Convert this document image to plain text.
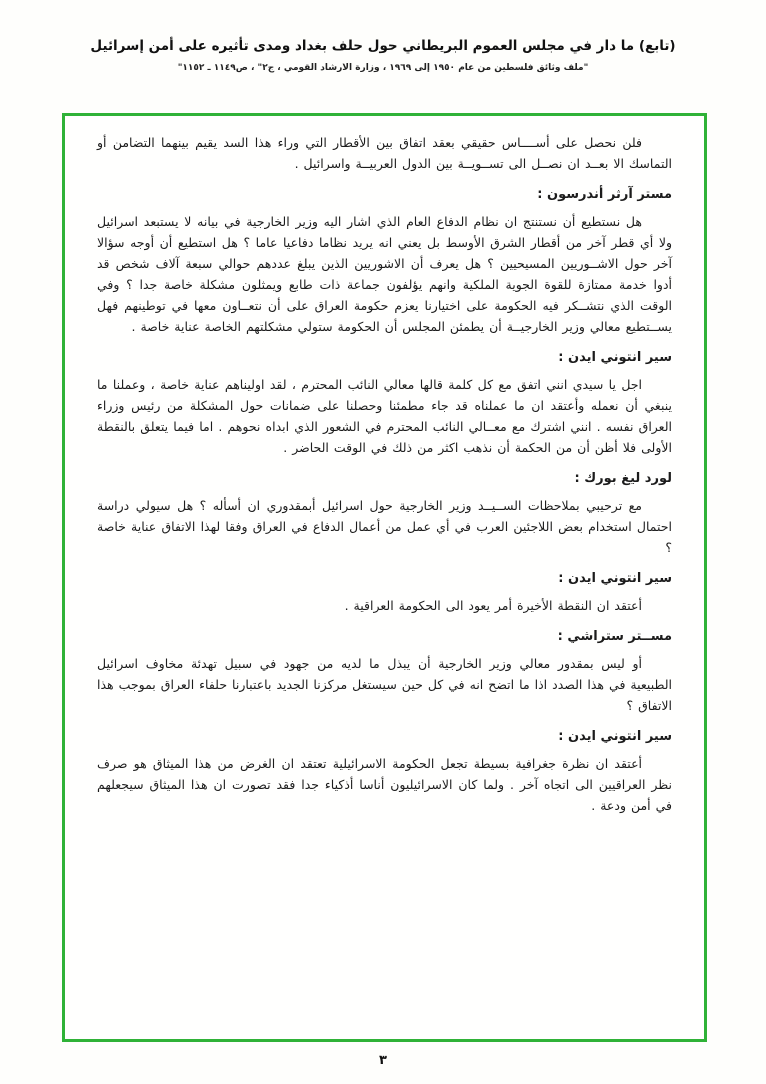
(تابع) ما دار في مجلس العموم البريطاني حول حلف بغداد ومدى تأثيره على أمن إسرائيل
"ملف وثائق فلسطين من عام ١٩٥٠ إلى ١٩٦٩ ، وزارة الارشاد القومي ، ج٢" ، ص١١٤٩ ـ ١١٥٢"

فلن نحصل على أســــاس حقيقي بعقد اتفاق بين الأقطار التي وراء هذا السد يقيم بينهما التضامن أو التماسك الا بعــد ان نصــل الى تســويــة بين الدول العربيــة واسرائيل .

مستر آرثر أندرسون :

هل نستطيع أن نستنتج ان نظام الدفاع العام الذي اشار اليه وزير الخارجية في بيانه لا يستبعد اسرائيل ولا أي قطر آخر من أقطار الشرق الأوسط بل يعني انه يريد نظاما دفاعيا عاما ؟ هل استطيع أن أوجه سؤالا آخر حول الاشــوريين المسيحيين ؟ هل يعرف أن الاشوريين الذين يبلغ عددهم حوالي سبعة آلاف شخص قد أدوا خدمة ممتازة للقوة الجوية الملكية وانهم يؤلفون جماعة ذات طابع ويمثلون مشكلة خاصة جدا ؟ وفي الوقت الذي نتشــكر فيه الحكومة على اختيارنا يعزم حكومة العراق على أن نتعــاون معها في توطينهم فهل يســتطيع معالي وزير الخارجيــة أن يطمئن المجلس أن الحكومة ستولي مشكلتهم الخاصة عناية خاصة .

سير انتوني ايدن :

اجل يا سيدي انني اتفق مع كل كلمة قالها معالي النائب المحترم ، لقد اوليناهم عناية خاصة ، وعملنا ما ينبغي أن نعمله وأعتقد ان ما عملناه قد جاء مطمئنا وحصلنا على ضمانات حول المشكلة من رئيس وزراء العراق نفسه . انني اشترك مع معــالي النائب المحترم في الشعور الذي ابداه نحوهم . اما فيما يتعلق بالنقطة الأولى فلا أظن أن من الحكمة أن نذهب اكثر من ذلك في الوقت الحاضر .

لورد ليغ بورك :

مع ترحيبي بملاحظات الســيــد وزير الخارجية حول اسرائيل أبمقدوري ان أسأله ؟ هل سيولي دراسة احتمال استخدام بعض اللاجئين العرب في أي عمل من أعمال الدفاع في العراق وفقا لهذا الاتفاق عناية خاصة ؟

سير انتوني ايدن :

أعتقد ان النقطة الأخيرة أمر يعود الى الحكومة العراقية .

مســتر ستراشي :

أو ليس بمقدور معالي وزير الخارجية أن يبذل ما لديه من جهود في سبيل تهدئة مخاوف اسرائيل الطبيعية في هذا الصدد اذا ما اتضح انه في كل حين سيستغل مركزنا الجديد باعتبارنا حلفاء العراق بموجب هذا الاتفاق ؟

سير انتوني ايدن :

أعتقد ان نظرة جغرافية بسيطة تجعل الحكومة الاسرائيلية تعتقد ان الغرض من هذا الميثاق هو صرف نظر العراقيين الى اتجاه آخر . ولما كان الاسرائيليون أناسا أذكياء جدا فقد تصورت ان هذا الميثاق سيجعلهم في أمن ودعة .

٣
